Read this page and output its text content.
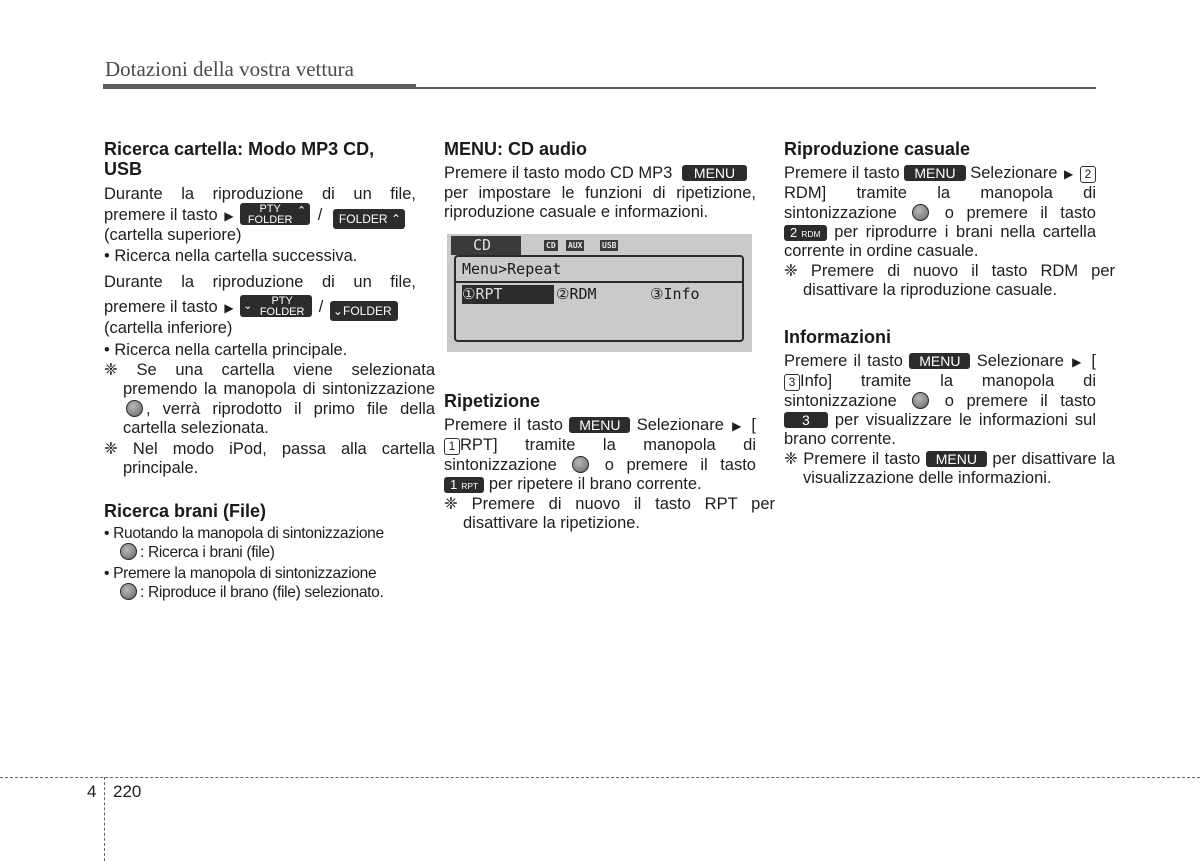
Dotazioni della vostra vettura
Ricerca cartella: Modo MP3 CD, USB

Durante la riproduzione di un file,

premere il tasto ▶	PTY
FOLDER
⌃ / FOLDER ⌃

(cartella superiore)

• Ricerca nella cartella successiva.

Durante la riproduzione di un file,

premere il tasto ▶ ⌄	PTY
FOLDER / ⌄FOLDER

(cartella inferiore)

• Ricerca nella cartella principale.

❈ Se una cartella viene selezionata premendo la manopola di sintonizzazione, verrà riprodotto il primo file della cartella selezionata.

❈ Nel modo iPod, passa alla cartella principale.

Ricerca brani (File)

• Ruotando la manopola di sintonizzazione
: Ricerca i brani (file)

• Premere la manopola di sintonizzazione
: Riproduce il brano (file) selezionato.

MENU: CD audio

Premere il tasto modo CD MP3 MENU

per impostare le funzioni di ripetizione, riproduzione casuale e informazioni.

Ripetizione

Premere il tasto MENU Selezionare ▶ [1 RPT] tramite la manopola di sintonizzazione	o premere il tasto 1 RPT per ripetere il brano corrente.

❈ Premere di nuovo il tasto RPT per disattivare la ripetizione.

CD	CD AUX USB
Menu>Repeat
①RPT	②RDM	③Info
Riproduzione casuale

Premere il tasto MENU Selezionare ▶ 2RDM] tramite la manopola di sintonizzazione	o premere il tasto 2 RDM per riprodurre i brani nella cartella corrente in ordine casuale.

❈ Premere di nuovo il tasto RDM per disattivare la riproduzione casuale.

Informazioni

Premere il tasto MENU Selezionare ▶ [3 Info] tramite la manopola di sintonizzazione	o premere il tasto 3 per visualizzare le informazioni sul brano corrente.

❈ Premere il tasto MENU per disattivare la visualizzazione delle informazioni.

4 220
